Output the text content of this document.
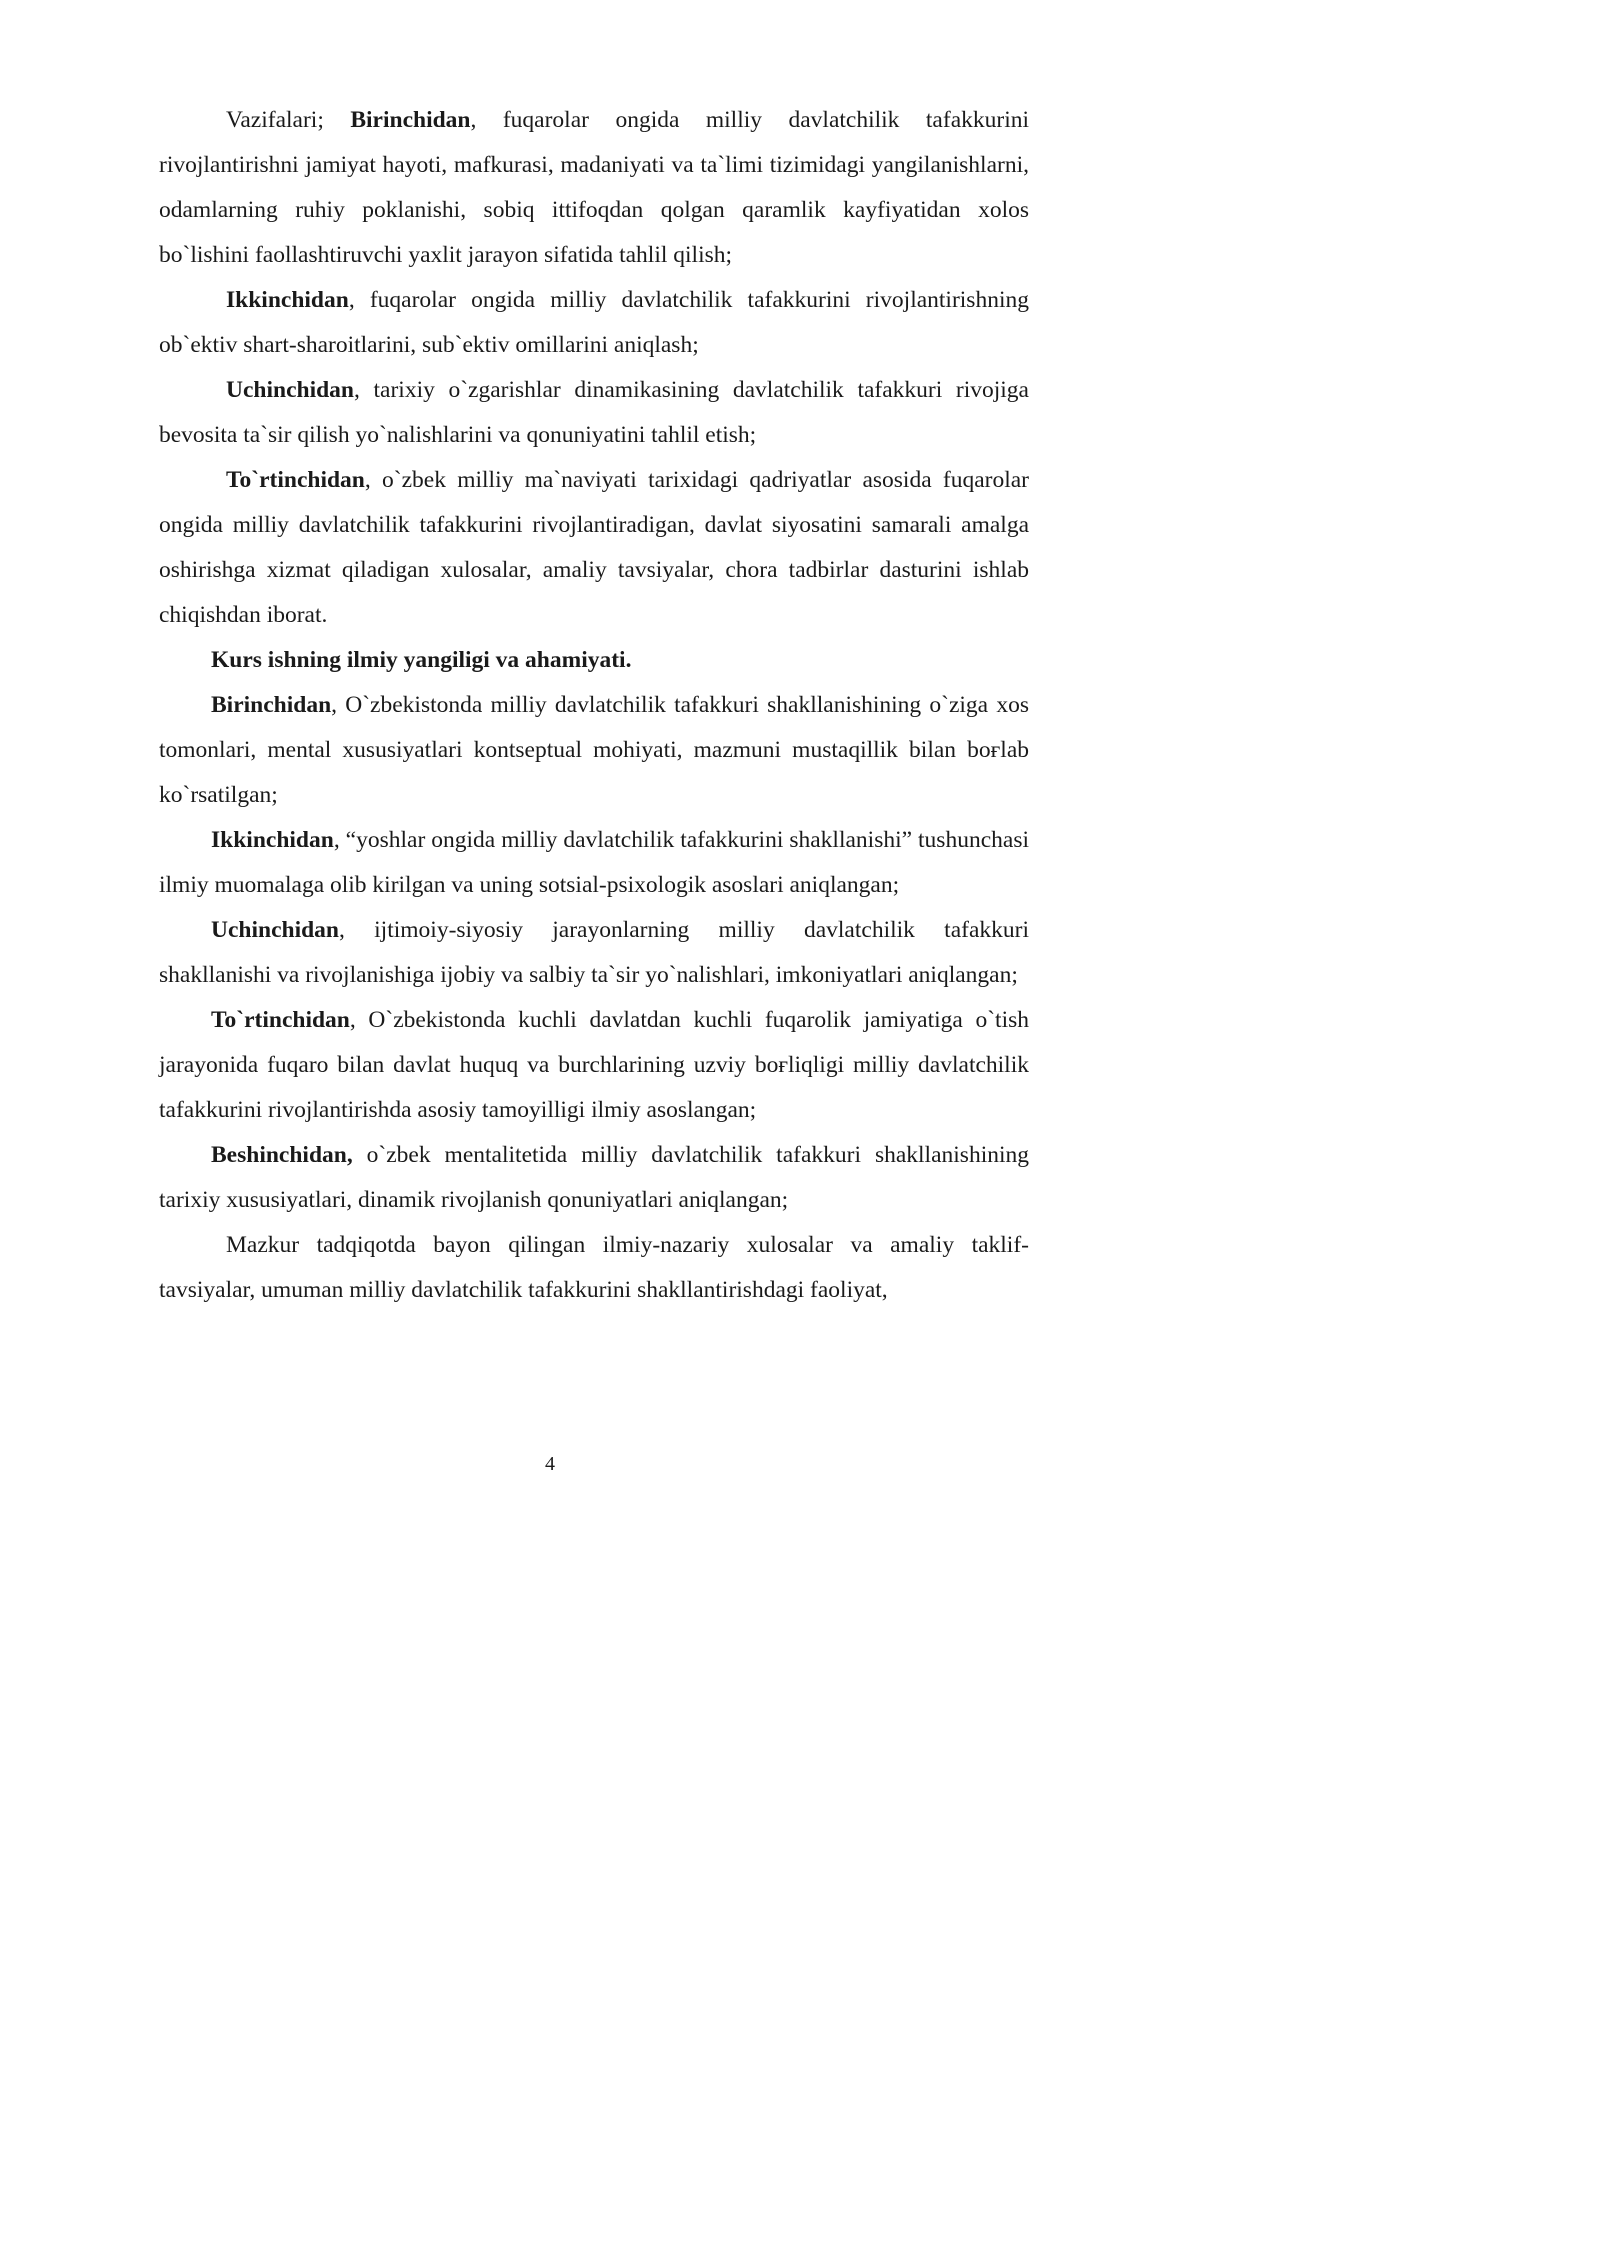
Vazifalari; Birinchidan, fuqarolar ongida milliy davlatchilik tafakkurini rivojlantirishni jamiyat hayoti, mafkurasi, madaniyati va ta`limi tizimidagi yangilanishlarni, odamlarning ruhiy poklanishi, sobiq ittifoqdan qolgan qaramlik kayfiyatidan xolos bo`lishini faollashtiruvchi yaxlit jarayon sifatida tahlil qilish;

Ikkinchidan, fuqarolar ongida milliy davlatchilik tafakkurini rivojlantirishning ob`ektiv shart-sharoitlarini, sub`ektiv omillarini aniqlash;

Uchinchidan, tarixiy o`zgarishlar dinamikasining davlatchilik tafakkuri rivojiga bevosita ta`sir qilish yo`nalishlarini va qonuniyatini tahlil etish;

To`rtinchidan, o`zbek milliy ma`naviyati tarixidagi qadriyatlar asosida fuqarolar ongida milliy davlatchilik tafakkurini rivojlantiradigan, davlat siyosatini samarali amalga oshirishga xizmat qiladigan xulosalar, amaliy tavsiyalar, chora tadbirlar dasturini ishlab chiqishdan iborat.

Kurs ishning ilmiy yangiligi va ahamiyati.

Birinchidan, O`zbekistonda milliy davlatchilik tafakkuri shakllanishining o`ziga xos tomonlari, mental xususiyatlari kontseptual mohiyati, mazmuni mustaqillik bilan boғlab ko`rsatilgan;

Ikkinchidan, “yoshlar ongida milliy davlatchilik tafakkurini shakllanishi” tushunchasi ilmiy muomalaga olib kirilgan va uning sotsial-psixologik asoslari aniqlangan;

Uchinchidan, ijtimoiy-siyosiy jarayonlarning milliy davlatchilik tafakkuri shakllanishi va rivojlanishiga ijobiy va salbiy ta`sir yo`nalishlari, imkoniyatlari aniqlangan;

To`rtinchidan, O`zbekistonda kuchli davlatdan kuchli fuqarolik jamiyatiga o`tish jarayonida fuqaro bilan davlat huquq va burchlarining uzviy boғliqligi milliy davlatchilik tafakkurini rivojlantirishda asosiy tamoyilligi ilmiy asoslangan;

Beshinchidan, o`zbek mentalitetida milliy davlatchilik tafakkuri shakllanishining tarixiy xususiyatlari, dinamik rivojlanish qonuniyatlari aniqlangan;

Mazkur tadqiqotda bayon qilingan ilmiy-nazariy xulosalar va amaliy taklif-tavsiyalar, umuman milliy davlatchilik tafakkurini shakllantirishdagi faoliyat,

4
